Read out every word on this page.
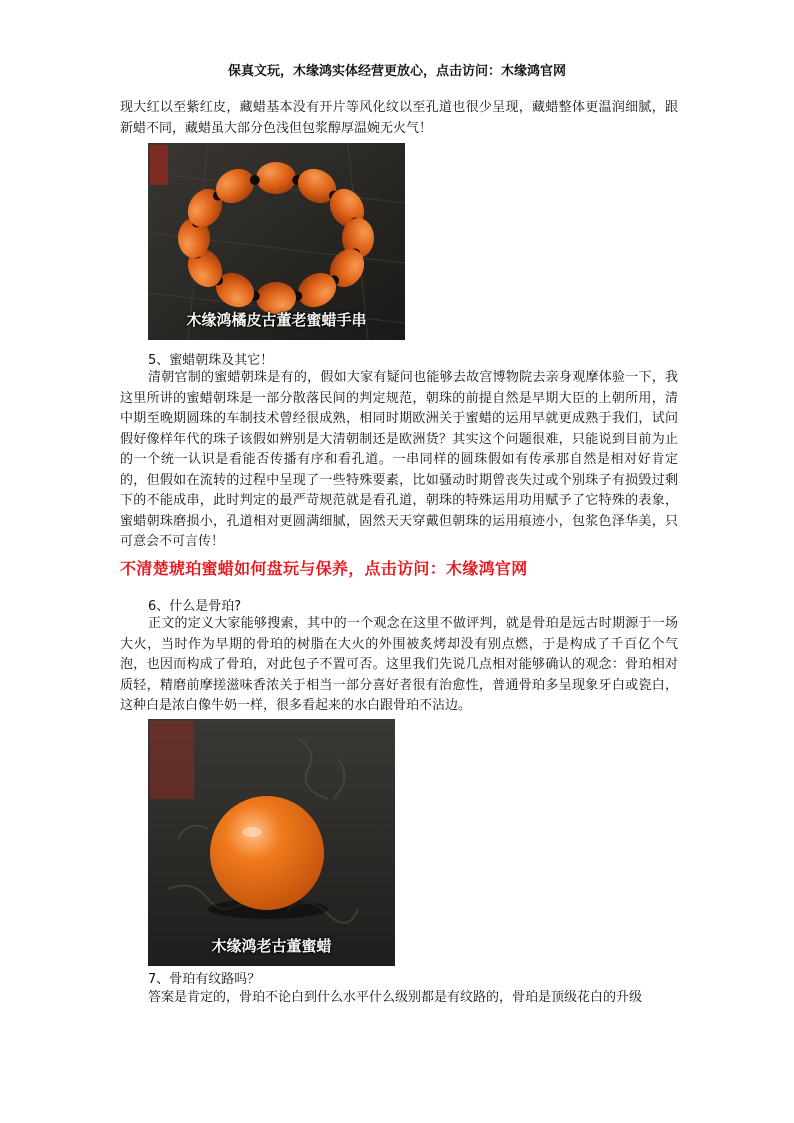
保真文玩，木缘鸿实体经营更放心，点击访问：木缘鸿官网
现大红以至紫红皮，藏蜡基本没有开片等风化纹以至孔道也很少呈现，藏蜡整体更温润细腻，跟新蜡不同，藏蜡虽大部分色浅但包浆醇厚温婉无火气！
木缘鸿橘皮古董老蜜蜡手串
5、蜜蜡朝珠及其它！
清朝官制的蜜蜡朝珠是有的，假如大家有疑问也能够去故宫博物院去亲身观摩体验一下，我这里所讲的蜜蜡朝珠是一部分散落民间的判定规范，朝珠的前提自然是早期大臣的上朝所用，清中期至晚期圆珠的车制技术曾经很成熟，相同时期欧洲关于蜜蜡的运用早就更成熟于我们，试问假好像样年代的珠子该假如辨别是大清朝制还是欧洲货？其实这个问题很难，只能说到目前为止的一个统一认识是看能否传播有序和看孔道。一串同样的圆珠假如有传承那自然是相对好肯定的，但假如在流转的过程中呈现了一些特殊要素，比如骚动时期曾丧失过或个别珠子有损毁过剩下的不能成串，此时判定的最严苛规范就是看孔道，朝珠的特殊运用功用赋予了它特殊的表象，蜜蜡朝珠磨损小，孔道相对更圆满细腻，固然天天穿戴但朝珠的运用痕迹小，包浆色泽华美，只可意会不可言传！
不清楚琥珀蜜蜡如何盘玩与保养，点击访问：木缘鸿官网
6、什么是骨珀?
正文的定义大家能够搜索，其中的一个观念在这里不做评判，就是骨珀是远古时期源于一场大火，当时作为早期的骨珀的树脂在大火的外围被炙烤却没有别点燃，于是构成了千百亿个气泡，也因而构成了骨珀，对此包子不置可否。这里我们先说几点相对能够确认的观念：骨珀相对质轻，精磨前摩搓滋味香浓关于相当一部分喜好者很有治愈性，普通骨珀多呈现象牙白或瓷白，这种白是浓白像牛奶一样，很多看起来的水白跟骨珀不沾边。
木缘鸿老古董蜜蜡
7、骨珀有纹路吗？
答案是肯定的，骨珀不论白到什么水平什么级别都是有纹路的，骨珀是顶级花白的升级
